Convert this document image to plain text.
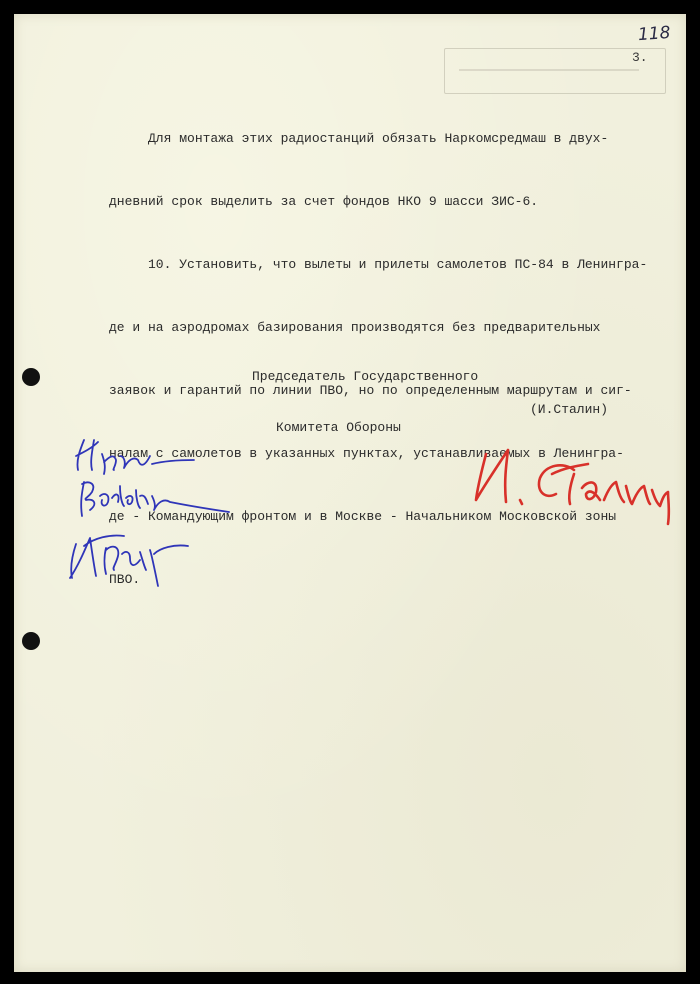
118
3.

Для монтажа этих радиостанций обязать Наркомсредмаш в двух-

дневний срок выделить за счет фондов НКО 9 шасси ЗИС-6.

10. Установить, что вылеты и прилеты самолетов ПС-84 в Ленингра-

де и на аэродромах базирования производятся без предварительных

заявок и гарантий по линии ПВО, но по определенным маршрутам и сиг-

налам с самолетов в указанных пунктах, устанавливаемых в Ленингра-

де - Командующим фронтом и в Москве - Начальником Московской зоны

ПВО.

Председатель Государственного

Комитета Обороны

(И.Сталин)
